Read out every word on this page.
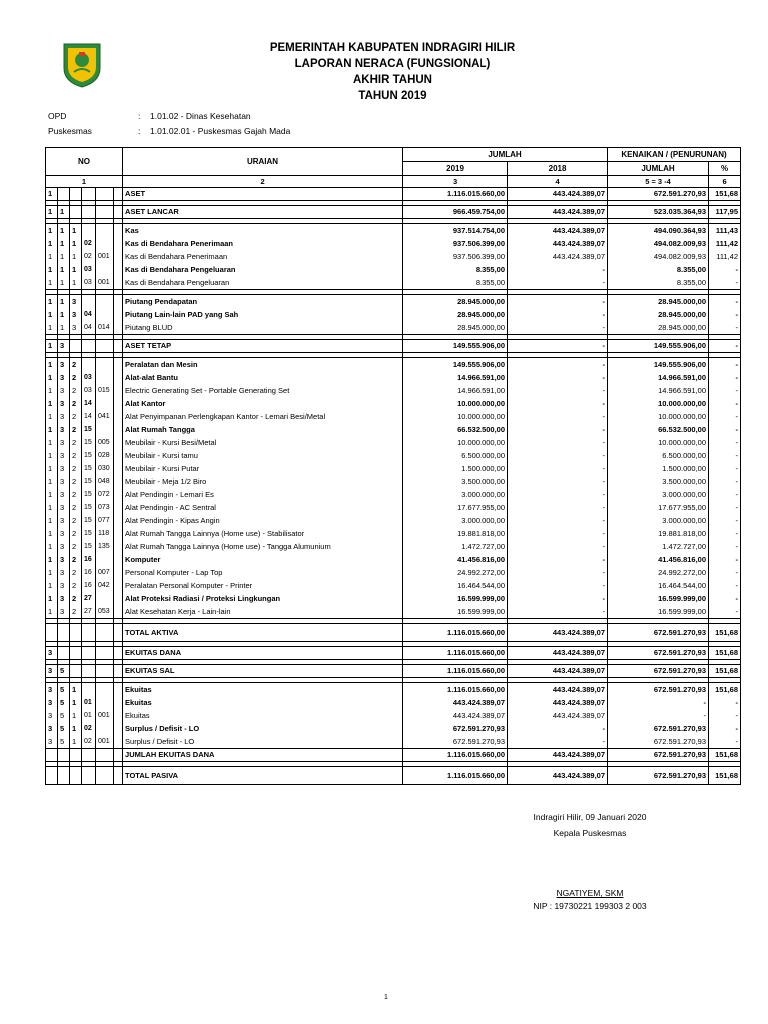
PEMERINTAH KABUPATEN INDRAGIRI HILIR
LAPORAN NERACA (FUNGSIONAL)
AKHIR TAHUN
TAHUN 2019
OPD	: 1.01.02 - Dinas Kesehatan
Puskesmas	: 1.01.02.01 - Puskesmas Gajah Mada
NO						URAIAN	JUMLAH		KENAIKAN / (PENURUNAN)	
							2019	2018	JUMLAH	%
1						2	3	4	5 = 3 -4	6
1						ASET	1.116.015.660,00	443.424.389,07	672.591.270,93	151,68

1	1					ASET LANCAR	966.459.754,00	443.424.389,07	523.035.364,93	117,95

1	1	1				Kas	937.514.754,00	443.424.389,07	494.090.364,93	111,43
1	1	1	02			Kas di Bendahara Penerimaan	937.506.399,00	443.424.389,07	494.082.009,93	111,42
1	1	1	02	001		Kas di Bendahara Penerimaan	937.506.399,00	443.424.389,07	494.082.009,93	111,42
1	1	1	03			Kas di Bendahara Pengeluaran	8.355,00	-	8.355,00	-
1	1	1	03	001		Kas di Bendahara Pengeluaran	8.355,00	-	8.355,00	-

1	1	3				Piutang Pendapatan	28.945.000,00	-	28.945.000,00	-
1	1	3	04			Piutang Lain-lain PAD yang Sah	28.945.000,00	-	28.945.000,00	-
1	1	3	04	014		Piutang BLUD	28.945.000,00	-	28.945.000,00	-

1	3					ASET TETAP	149.555.906,00	-	149.555.906,00	-

1	3	2				Peralatan dan Mesin	149.555.906,00	-	149.555.906,00	-
1	3	2	03			Alat-alat Bantu	14.966.591,00	-	14.966.591,00	-
1	3	2	03	015		Electric Generating Set - Portable Generating Set	14.966.591,00	-	14.966.591,00	-
1	3	2	14			Alat Kantor	10.000.000,00	-	10.000.000,00	-
1	3	2	14	041		Alat Penyimpanan Perlengkapan Kantor - Lemari Besi/Metal	10.000.000,00	-	10.000.000,00	-
1	3	2	15			Alat Rumah Tangga	66.532.500,00	-	66.532.500,00	-
1	3	2	15	005		Meubilair - Kursi Besi/Metal	10.000.000,00	-	10.000.000,00	-
1	3	2	15	028		Meubilair - Kursi tamu	6.500.000,00	-	6.500.000,00	-
1	3	2	15	030		Meubilair - Kursi Putar	1.500.000,00	-	1.500.000,00	-
1	3	2	15	048		Meubilair - Meja 1/2 Biro	3.500.000,00	-	3.500.000,00	-
1	3	2	15	072		Alat Pendingin - Lemari Es	3.000.000,00	-	3.000.000,00	-
1	3	2	15	073		Alat Pendingin - AC Sentral	17.677.955,00	-	17.677.955,00	-
1	3	2	15	077		Alat Pendingin - Kipas Angin	3.000.000,00	-	3.000.000,00	-
1	3	2	15	118		Alat Rumah Tangga Lainnya (Home use) - Stabilisator	19.881.818,00	-	19.881.818,00	-
1	3	2	15	135		Alat Rumah Tangga Lainnya (Home use) - Tangga Alumunium	1.472.727,00	-	1.472.727,00	-
1	3	2	16			Komputer	41.456.816,00	-	41.456.816,00	-
1	3	2	16	007		Personal Komputer - Lap Top	24.992.272,00	-	24.992.272,00	-
1	3	2	16	042		Peralatan Personal Komputer - Printer	16.464.544,00	-	16.464.544,00	-
1	3	2	27			Alat Proteksi Radiasi / Proteksi Lingkungan	16.599.999,00	-	16.599.999,00	-
1	3	2	27	053		Alat Kesehatan Kerja - Lain-lain	16.599.999,00	-	16.599.999,00	-

						TOTAL AKTIVA	1.116.015.660,00	443.424.389,07	672.591.270,93	151,68

3						EKUITAS DANA	1.116.015.660,00	443.424.389,07	672.591.270,93	151,68

3	5					EKUITAS SAL	1.116.015.660,00	443.424.389,07	672.591.270,93	151,68

3	5	1				Ekuitas	1.116.015.660,00	443.424.389,07	672.591.270,93	151,68
3	5	1	01			Ekuitas	443.424.389,07	443.424.389,07	-	-
3	5	1	01	001		Ekuitas	443.424.389,07	443.424.389,07	-	-
3	5	1	02			Surplus / Defisit - LO	672.591.270,93	-	672.591.270,93	-
3	5	1	02	001		Surplus / Defisit - LO	672.591.270,93	-	672.591.270,93	-
						JUMLAH EKUITAS DANA	1.116.015.660,00	443.424.389,07	672.591.270,93	151,68

						TOTAL PASIVA	1.116.015.660,00	443.424.389,07	672.591.270,93	151,68
Indragiri Hilir, 09 Januari 2020
Kepala Puskesmas
NGATIYEM, SKM
NIP : 19730221 199303 2 003
1
